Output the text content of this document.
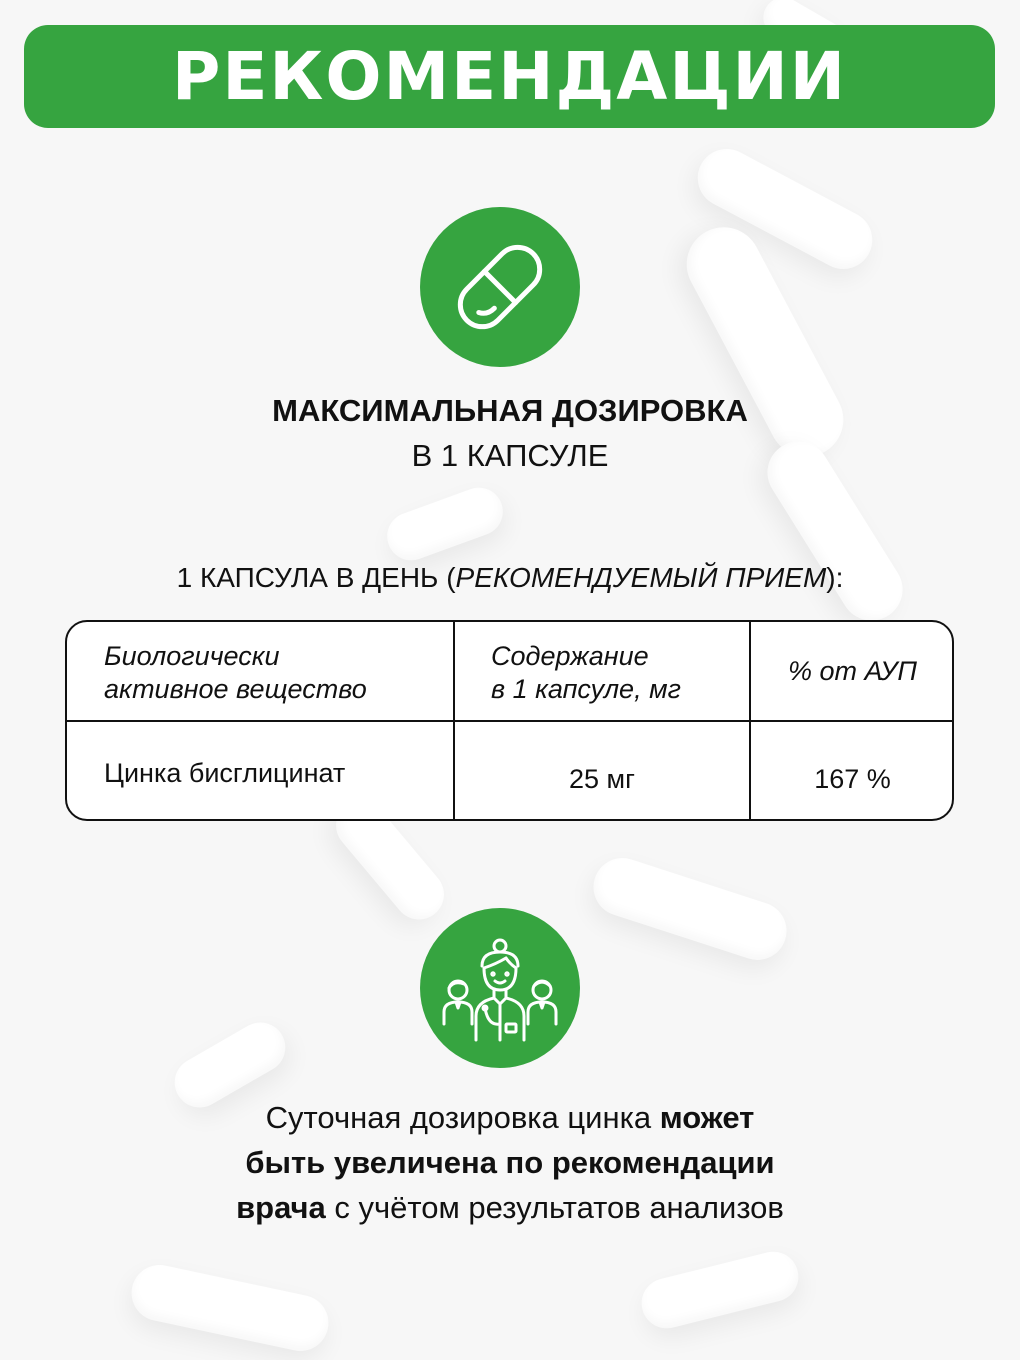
РЕКОМЕНДАЦИИ
МАКСИМАЛЬНАЯ ДОЗИРОВКА
В 1 КАПСУЛЕ
1 КАПСУЛА В ДЕНЬ (РЕКОМЕНДУЕМЫЙ ПРИЕМ):
Биологически
активное вещество
Содержание
в 1 капсуле, мг
% от АУП
Цинка бисглицинат	25 мг	167 %
Суточная дозировка цинка может
быть увеличена по рекомендации
врача с учётом результатов анализов
